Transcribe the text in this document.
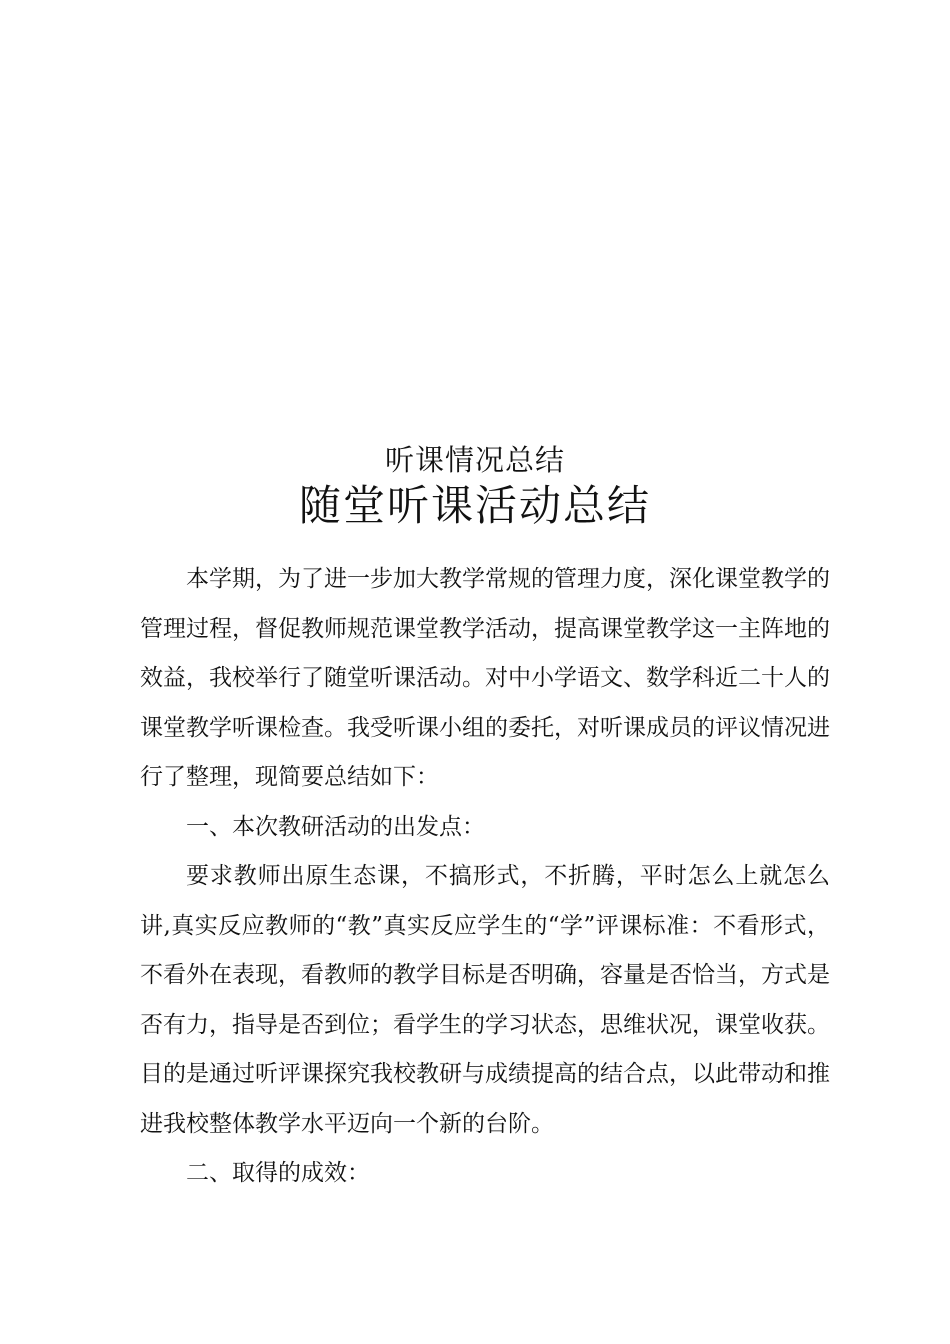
听课情况总结
随堂听课活动总结

本学期，为了进一步加大教学常规的管理力度，深化课堂教学的管理过程，督促教师规范课堂教学活动，提高课堂教学这一主阵地的效益，我校举行了随堂听课活动。对中小学语文、数学科近二十人的课堂教学听课检查。我受听课小组的委托，对听课成员的评议情况进行了整理，现简要总结如下：

一、本次教研活动的出发点：

要求教师出原生态课，不搞形式，不折腾，平时怎么上就怎么讲,真实反应教师的“教”真实反应学生的“学”评课标准：不看形式，不看外在表现，看教师的教学目标是否明确，容量是否恰当，方式是否有力，指导是否到位；看学生的学习状态，思维状况，课堂收获。目的是通过听评课探究我校教研与成绩提高的结合点，以此带动和推进我校整体教学水平迈向一个新的台阶。

二、取得的成效：
